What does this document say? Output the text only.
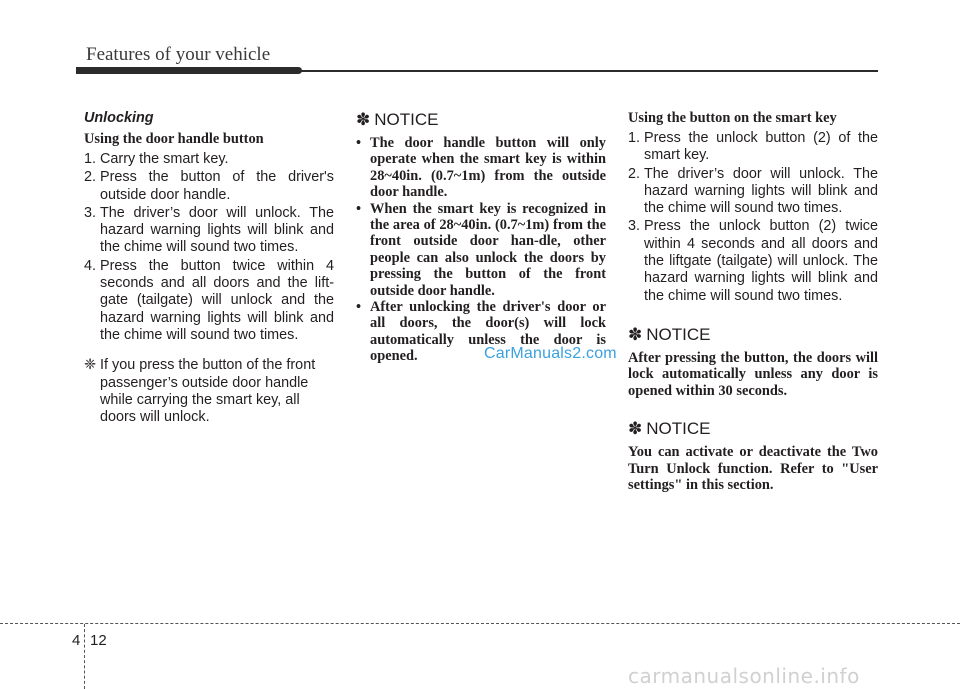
Features of your vehicle
Unlocking
Using the door handle button
1. Carry the smart key.
2. Press the button of the driver's outside door handle.
3. The driver’s door will unlock. The hazard warning lights will blink and the chime will sound two times.
4. Press the button twice within 4 seconds and all doors and the lift-gate (tailgate) will unlock and the hazard warning lights will blink and the chime will sound two times.
❈ If you press the button of the front passenger’s outside door handle while carrying the smart key, all doors will unlock.
✽ NOTICE
• The door handle button will only operate when the smart key is within 28~40in. (0.7~1m) from the outside door handle.
• When the smart key is recognized in the area of 28~40in. (0.7~1m) from the front outside door han-dle, other people can also unlock the doors by pressing the button of the front outside door handle.
• After unlocking the driver's door or all doors, the door(s) will lock automatically unless the door is opened.
Using the button on the smart key
1. Press the unlock button (2) of the smart key.
2. The driver’s door will unlock. The hazard warning lights will blink and the chime will sound two times.
3. Press the unlock button (2) twice within 4 seconds and all doors and the liftgate (tailgate) will unlock. The hazard warning lights will blink and the chime will sound two times.
✽ NOTICE
After pressing the button, the doors will lock automatically unless any door is opened within 30 seconds.
✽ NOTICE
You can activate or deactivate the Two Turn Unlock function. Refer to "User settings" in this section.
CarManuals2.com
4 12
carmanualsonline.info
